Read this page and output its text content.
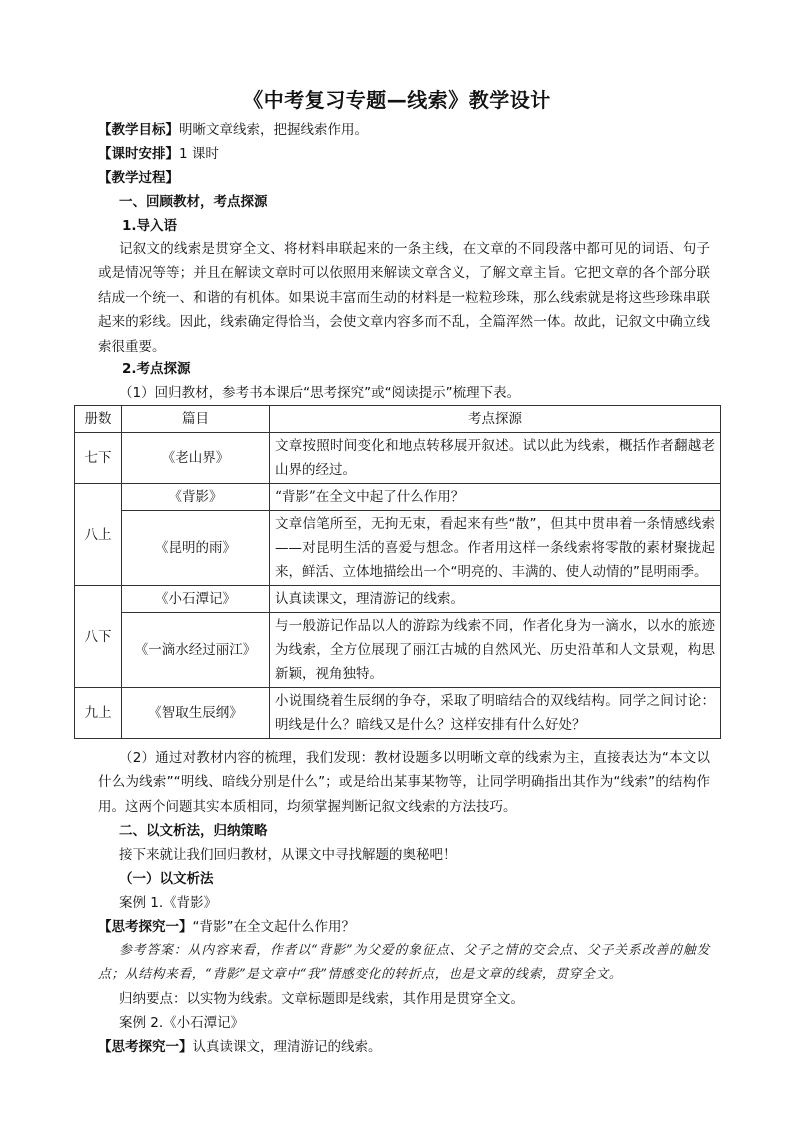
《中考复习专题—线索》教学设计
【教学目标】明晰文章线索，把握线索作用。
【课时安排】1 课时
【教学过程】
一、回顾教材，考点探源
1.导入语
记叙文的线索是贯穿全文、将材料串联起来的一条主线，在文章的不同段落中都可见的词语、句子或是情况等等；并且在解读文章时可以依照用来解读文章含义，了解文章主旨。它把文章的各个部分联结成一个统一、和谐的有机体。如果说丰富而生动的材料是一粒粒珍珠，那么线索就是将这些珍珠串联起来的彩线。因此，线索确定得恰当，会使文章内容多而不乱，全篇浑然一体。故此，记叙文中确立线索很重要。
2.考点探源
（1）回归教材，参考书本课后“思考探究”或“阅读提示”梳理下表。
册数	篇目	考点探源
七下	《老山界》	文章按照时间变化和地点转移展开叙述。试以此为线索，概括作者翻越老山界的经过。
八上	《背影》	“背影”在全文中起了什么作用？
	《昆明的雨》	文章信笔所至，无拘无束，看起来有些“散”，但其中贯串着一条情感线索——对昆明生活的喜爱与想念。作者用这样一条线索将零散的素材聚拢起来，鲜活、立体地描绘出一个“明亮的、丰满的、使人动情的”昆明雨季。
八下	《小石潭记》	认真读课文，理清游记的线索。
	《一滴水经过丽江》	与一般游记作品以人的游踪为线索不同，作者化身为一滴水，以水的旅迹为线索，全方位展现了丽江古城的自然风光、历史沿革和人文景观，构思新颖，视角独特。
九上	《智取生辰纲》	小说围绕着生辰纲的争夺，采取了明暗结合的双线结构。同学之间讨论：明线是什么？暗线又是什么？这样安排有什么好处？
（2）通过对教材内容的梳理，我们发现：教材设题多以明晰文章的线索为主，直接表达为“本文以什么为线索”“明线、暗线分别是什么”；或是给出某事某物等，让同学明确指出其作为“线索”的结构作用。这两个问题其实本质相同，均须掌握判断记叙文线索的方法技巧。
二、以文析法，归纳策略
接下来就让我们回归教材，从课文中寻找解题的奥秘吧！
（一）以文析法
案例 1.《背影》
【思考探究一】“背影”在全文起什么作用？
参考答案：从内容来看，作者以“背影”为父爱的象征点、父子之情的交会点、父子关系改善的触发点；从结构来看，“背影”是文章中“我”情感变化的转折点，也是文章的线索，贯穿全文。
归纳要点：以实物为线索。文章标题即是线索，其作用是贯穿全文。
案例 2.《小石潭记》
【思考探究一】认真读课文，理清游记的线索。
